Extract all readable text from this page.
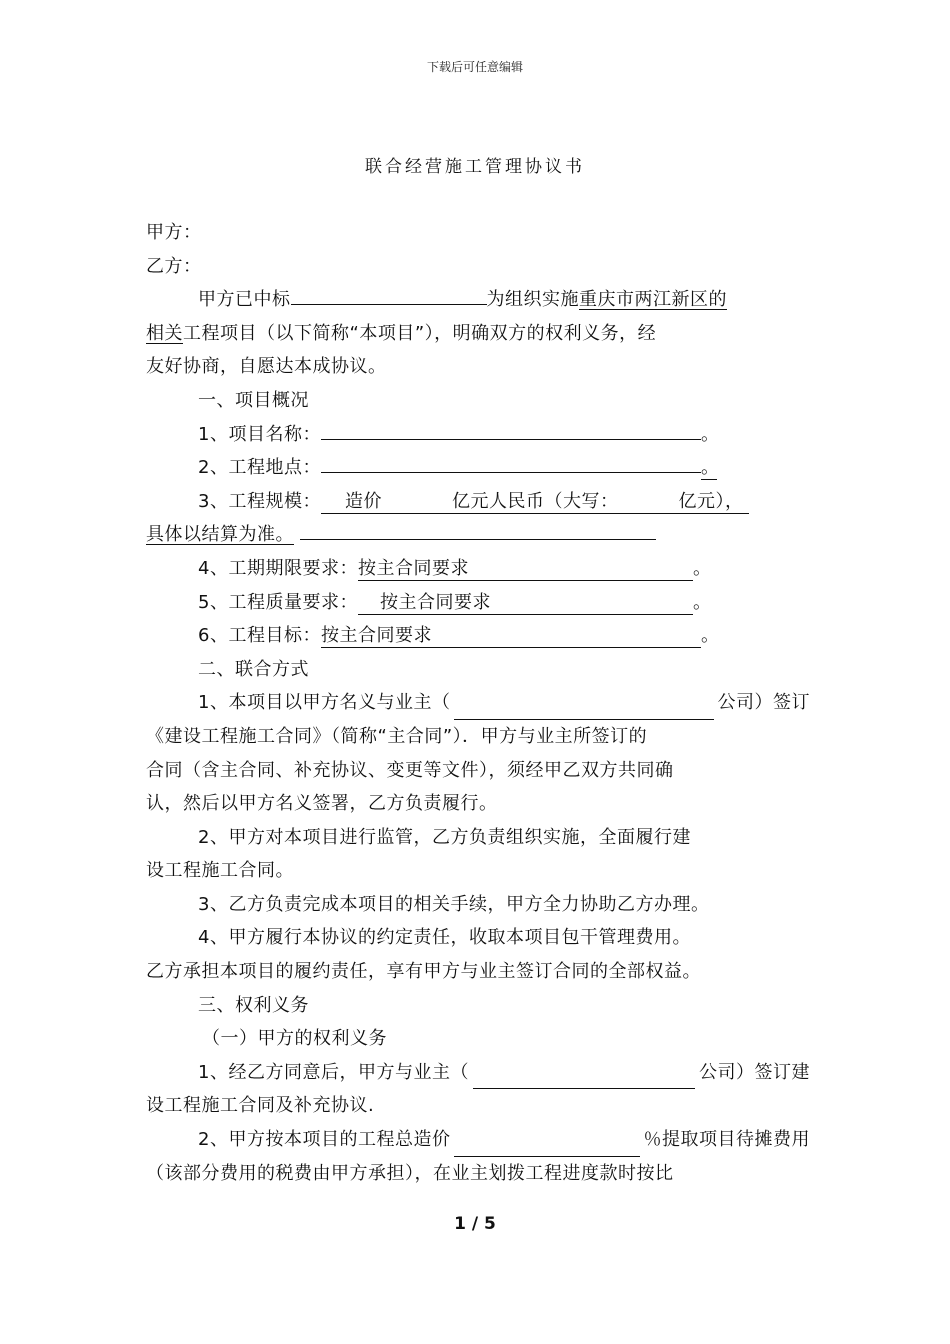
下载后可任意编辑
联合经营施工管理协议书
甲方：
乙方：
甲方已中标	为组织实施重庆市两江新区的
相关工程项目（以下简称“本项目”），明确双方的权利义务，经
友好协商，自愿达本成协议。
一、项目概况
1、项目名称：	。
2、工程地点：	。
3、工程规模： 造价	亿元人民币（大写：	亿元），
具体以结算为准。
4、工期期限要求：按主合同要求	。
5、工程质量要求： 按主合同要求	。
6、工程目标：按主合同要求	。
二、联合方式
1、本项目以甲方名义与业主（	公司）签订
《建设工程施工合同》（简称“主合同”）．甲方与业主所签订的
合同（含主合同、补充协议、变更等文件），须经甲乙双方共同确
认，然后以甲方名义签署，乙方负责履行。
2、甲方对本项目进行监管，乙方负责组织实施，全面履行建
设工程施工合同。
3、乙方负责完成本项目的相关手续，甲方全力协助乙方办理。
4、甲方履行本协议的约定责任，收取本项目包干管理费用。
乙方承担本项目的履约责任，享有甲方与业主签订合同的全部权益。
三、权利义务
（一）甲方的权利义务
1、经乙方同意后，甲方与业主（	公司）签订建
设工程施工合同及补充协议.
2、甲方按本项目的工程总造价	％提取项目待摊费用
（该部分费用的税费由甲方承担），在业主划拨工程进度款时按比
1 / 5
